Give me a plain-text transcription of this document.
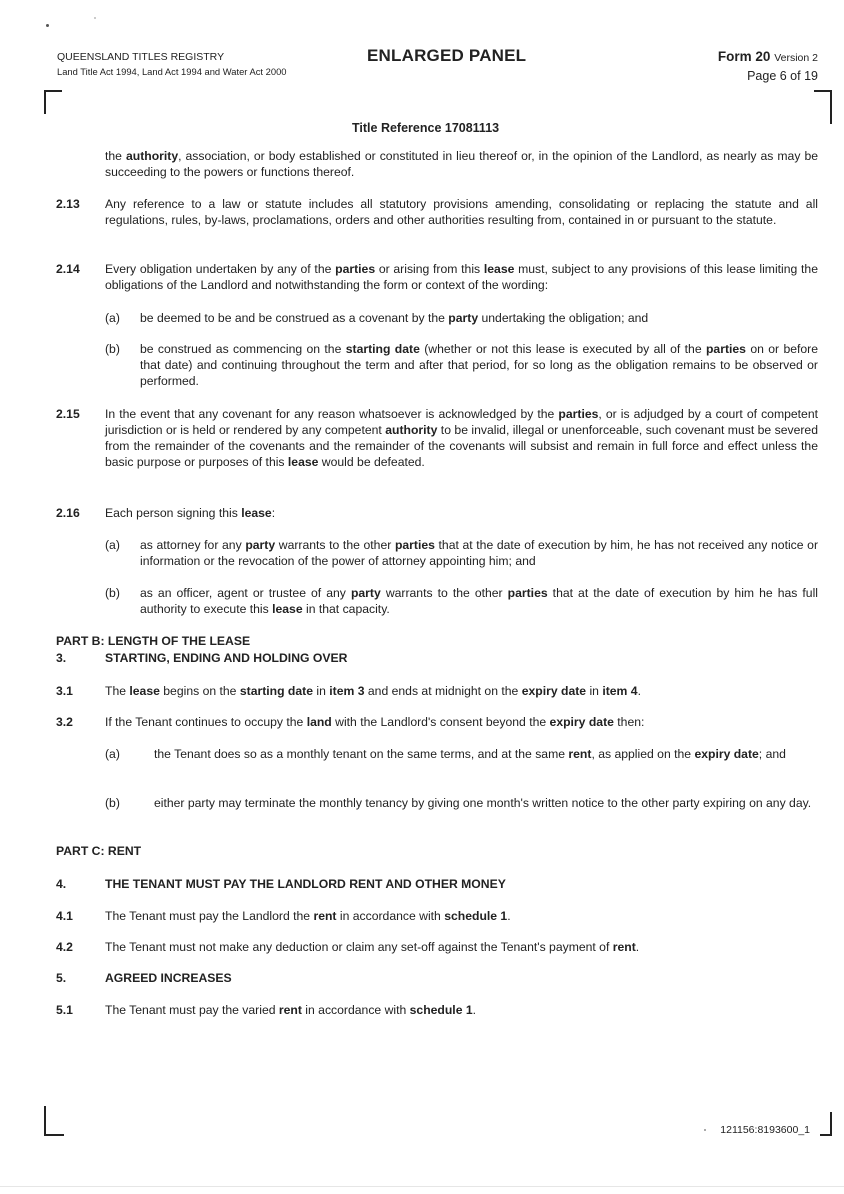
QUEENSLAND TITLES REGISTRY
Land Title Act 1994, Land Act 1994 and Water Act 2000
ENLARGED PANEL	Form 20 Version 2
Page 6 of 19
Title Reference 17081113
the authority, association, or body established or constituted in lieu thereof or, in the opinion of the Landlord, as nearly as may be succeeding to the powers or functions thereof.
2.13	Any reference to a law or statute includes all statutory provisions amending, consolidating or replacing the statute and all regulations, rules, by-laws, proclamations, orders and other authorities resulting from, contained in or pursuant to the statute.
2.14	Every obligation undertaken by any of the parties or arising from this lease must, subject to any provisions of this lease limiting the obligations of the Landlord and notwithstanding the form or context of the wording:
(a)	be deemed to be and be construed as a covenant by the party undertaking the obligation; and
(b)	be construed as commencing on the starting date (whether or not this lease is executed by all of the parties on or before that date) and continuing throughout the term and after that period, for so long as the obligation remains to be observed or performed.
2.15	In the event that any covenant for any reason whatsoever is acknowledged by the parties, or is adjudged by a court of competent jurisdiction or is held or rendered by any competent authority to be invalid, illegal or unenforceable, such covenant must be severed from the remainder of the covenants and the remainder of the covenants will subsist and remain in full force and effect unless the basic purpose or purposes of this lease would be defeated.
2.16	Each person signing this lease:
(a)	as attorney for any party warrants to the other parties that at the date of execution by him, he has not received any notice or information or the revocation of the power of attorney appointing him; and
(b)	as an officer, agent or trustee of any party warrants to the other parties that at the date of execution by him he has full authority to execute this lease in that capacity.
PART B: LENGTH OF THE LEASE
3.	STARTING, ENDING AND HOLDING OVER
3.1	The lease begins on the starting date in item 3 and ends at midnight on the expiry date in item 4.
3.2	If the Tenant continues to occupy the land with the Landlord's consent beyond the expiry date then:
(a)	the Tenant does so as a monthly tenant on the same terms, and at the same rent, as applied on the expiry date; and
(b)	either party may terminate the monthly tenancy by giving one month's written notice to the other party expiring on any day.
PART C: RENT
4.	THE TENANT MUST PAY THE LANDLORD RENT AND OTHER MONEY
4.1	The Tenant must pay the Landlord the rent in accordance with schedule 1.
4.2	The Tenant must not make any deduction or claim any set-off against the Tenant's payment of rent.
5.	AGREED INCREASES
5.1	The Tenant must pay the varied rent in accordance with schedule 1.
121156:8193600_1
